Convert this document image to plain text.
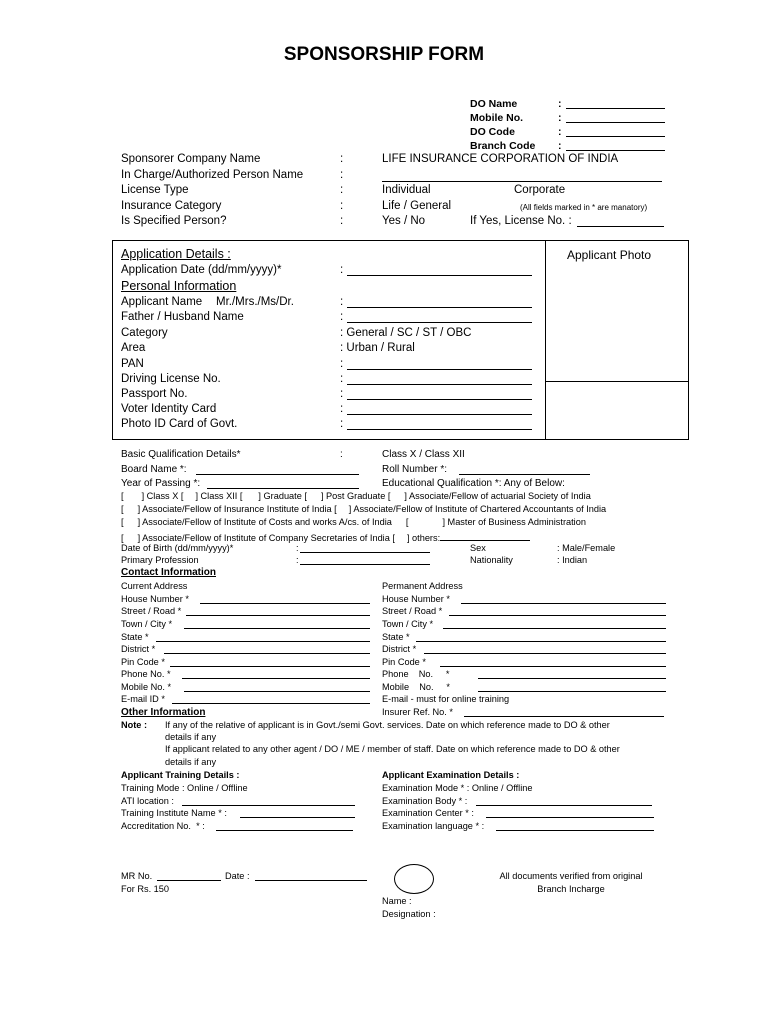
SPONSORSHIP FORM
DO Name	:
Mobile No.	:
DO Code	:
Branch Code :
Sponsorer Company Name	:	LIFE INSURANCE CORPORATION OF INDIA
In Charge/Authorized Person Name	:
License Type	:	Individual	Corporate
Insurance Category	:	Life / General	(All fields marked in * are manatory)
Is Specified Person?	:	Yes / No	If Yes, License No. :
Applicant Photo
Application Details :
Application Date (dd/mm/yyyy)*	:
Personal Information
Applicant Name Mr./Mrs./Ms/Dr.	:
Father / Husband Name	:
Category	: General / SC / ST / OBC
Area	: Urban / Rural
PAN	:
Driving License No.	:
Passport No.	:
Voter Identity Card	:
Photo ID Card of Govt.	:
Basic Qualification Details*	:	Class X / Class XII
Board Name *:	Roll Number *:
Year of Passing *:	Educational Qualification *: Any of Below:
[ ] Class X [ ] Class XII [ ] Graduate [ ] Post Graduate [ ] Associate/Fellow of actuarial Society of India
[ ] Associate/Fellow of Insurance Institute of India [ ] Associate/Fellow of Institute of Chartered Accountants of India
[ ] Associate/Fellow of Institute of Costs and works A/cs. of India [	] Master of Business Administration
[ ] Associate/Fellow of Institute of Company Secretaries of India [ ] others:
Date of Birth (dd/mm/yyyy)*	:	Sex	: Male/Female
Primary Profession	:	Nationality	: Indian
Contact Information
Current Address	Permanent Address
House Number *
Street / Road *
Town / City *
State *
District *
Pin Code *
Phone No. *
Mobile No. *
E-mail ID *
House Number *
Street / Road *
Town / City *
State *
District *
Pin Code *
Phone    No.     *
Mobile    No.     *
E-mail - must for online training
Other Information	Insurer Ref. No. *
Note : If any of the relative of applicant is in Govt./semi Govt. services. Date on which reference made to DO & other
details if any
If applicant related to any other agent / DO / ME / member of staff. Date on which reference made to DO & other
details if any
Applicant Training Details :
Training Mode : Online / Offline
ATI location :
Training Institute Name * :
Accreditation No.  * :
Applicant Examination Details :
Examination Mode * : Online / Offline
Examination Body * :
Examination Center * :
Examination language * :
MR No.	Date :
For Rs. 150
Name :
Designation :
All documents verified from original
Branch Incharge
